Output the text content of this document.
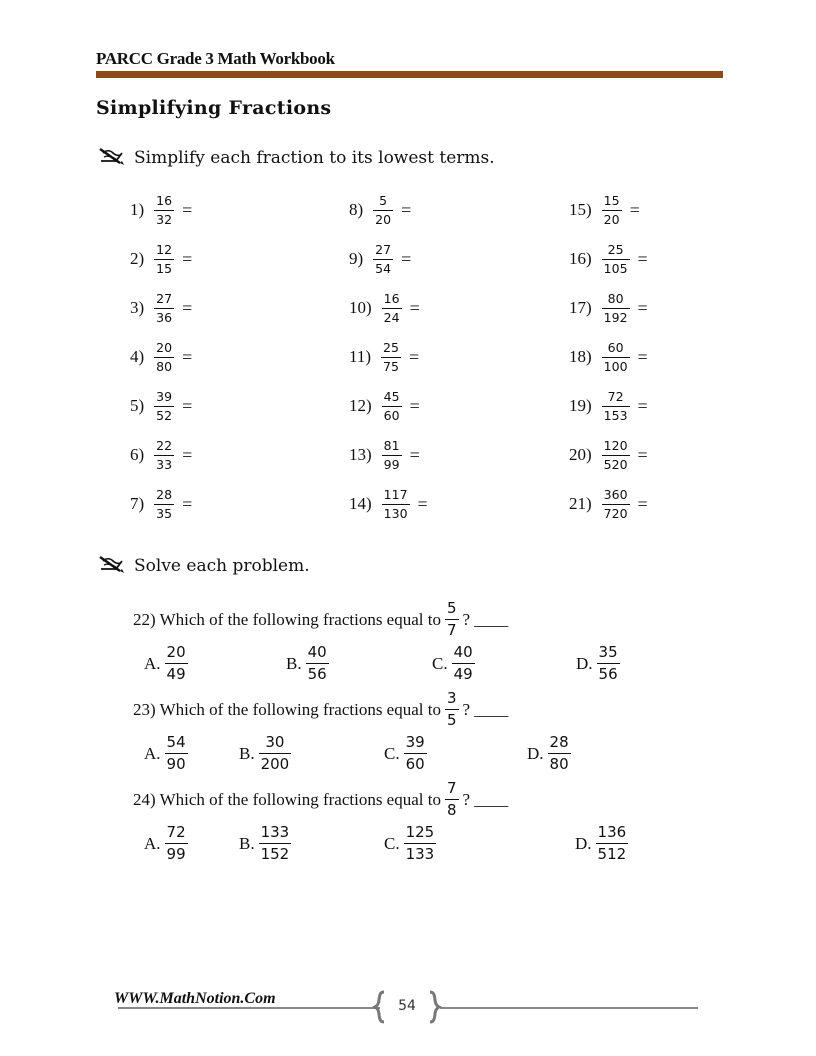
PARCC Grade 3 Math Workbook
Simplifying Fractions
Simplify each fraction to its lowest terms.
$1) \frac{16}{32}$ =
$2) \frac{12}{15}$ =
$3) \frac{27}{36}$ =
$4) \frac{20}{80}$ =
$5) \frac{39}{52}$ =
$6) \frac{22}{33}$ =
$7) \frac{28}{35}$ =
$8) \frac{5}{20}$ =
$9) \frac{27}{54}$ =
$10) \frac{16}{24}$ =
$11) \frac{25}{75}$ =
$12) \frac{45}{60}$ =
$13) \frac{81}{99}$ =
$14) \frac{117}{130}$ =
$15) \frac{15}{20}$ =
$16) \frac{25}{105}$ =
$17) \frac{80}{192}$ =
$18) \frac{60}{100}$ =
$19) \frac{72}{153}$ =
$20) \frac{120}{520}$ =
$21) \frac{360}{720}$ =
Solve each problem.
22) Which of the following fractions equal to $\frac{5}{7}$ ? ____
A. $\frac{20}{49}$	B. $\frac{40}{56}$	C. $\frac{40}{49}$	D. $\frac{35}{56}$
23) Which of the following fractions equal to $\frac{3}{5}$ ? ____
A. $\frac{54}{90}$	B. $\frac{30}{200}$	C. $\frac{39}{60}$	D. $\frac{28}{80}$
24) Which of the following fractions equal to $\frac{7}{8}$ ? ____
A. $\frac{72}{99}$	B. $\frac{133}{152}$	C. $\frac{125}{133}$	D. $\frac{136}{512}$
WWW.MathNotion.Com	54
